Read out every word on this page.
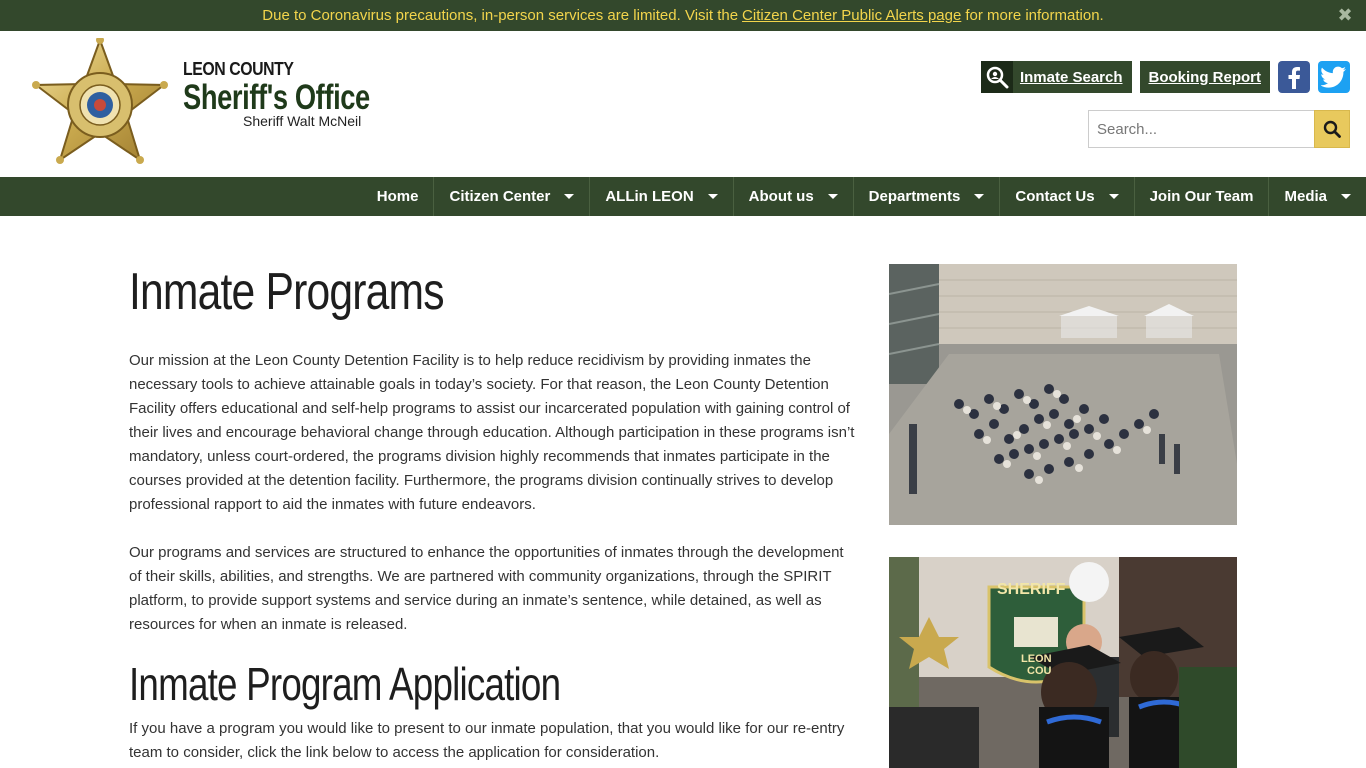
Due to Coronavirus precautions, in-person services are limited. Visit the Citizen Center Public Alerts page for more information.	✖
LEON COUNTY
Sheriff's Office
Sheriff Walt McNeil
Inmate Search	Booking Report
Search...
Home Citizen Center	ALLin LEON	About us	Departments	Contact Us	Join Our Team Media
Inmate Programs

Our mission at the Leon County Detention Facility is to help reduce recidivism by providing inmates the necessary tools to achieve attainable goals in today’s society. For that reason, the Leon County Detention Facility offers educational and self-help programs to assist our incarcerated population with gaining control of their lives and encourage behavioral change through education. Although participation in these programs isn’t mandatory, unless court-ordered, the programs division highly recommends that inmates participate in the courses provided at the detention facility. Furthermore, the programs division continually strives to develop professional rapport to aid the inmates with future endeavors.

Our programs and services are structured to enhance the opportunities of inmates through the development of their skills, abilities, and strengths. We are partnered with community organizations, through the SPIRIT platform, to provide support systems and service during an inmate’s sentence, while detained, as well as resources for when an inmate is released.

Inmate Program Application

If you have a program you would like to present to our inmate population, that you would like for our re-entry team to consider, click the link below to access the application for consideration.

SHERIFF
LEON
COU
